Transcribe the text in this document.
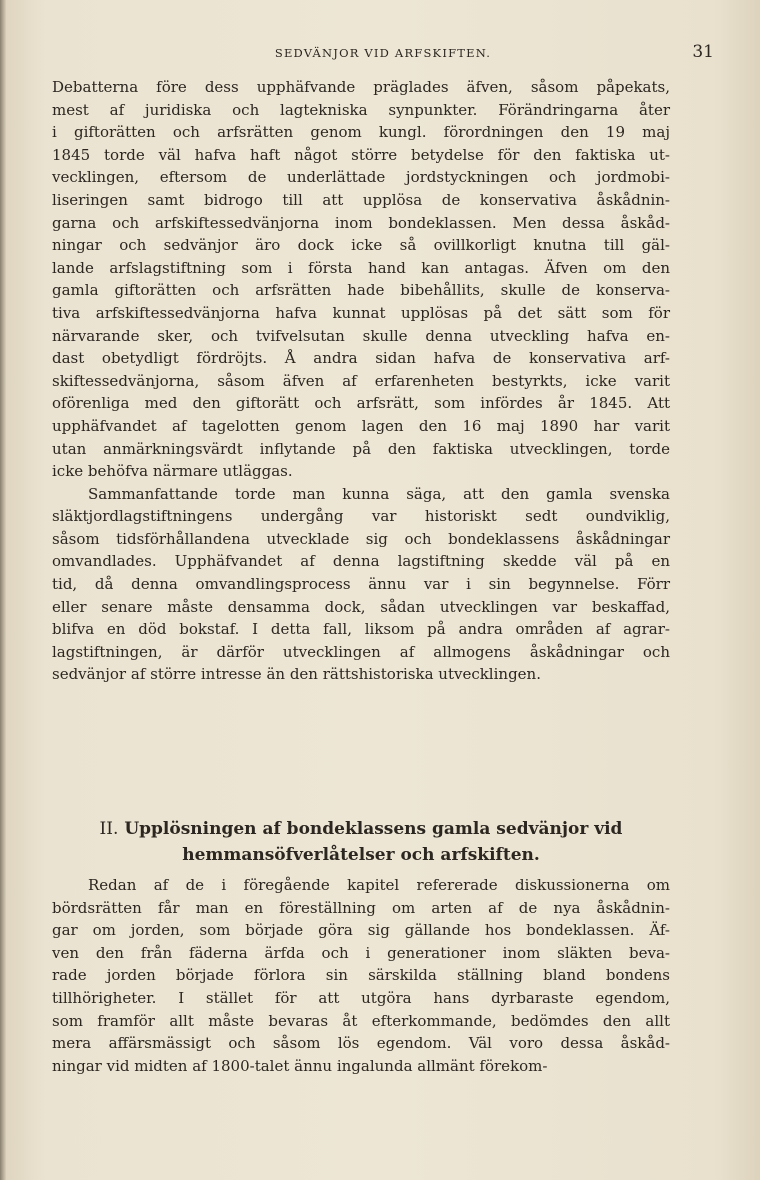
SEDVÄNJOR VID ARFSKIFTEN.	31

Debatterna före dess upphäfvande präglades äfven, såsom påpekats,
mest af juridiska och lagtekniska synpunkter. Förändringarna åter
i giftorätten och arfsrätten genom kungl. förordningen den 19 maj
1845 torde väl hafva haft något större betydelse för den faktiska ut-
vecklingen, eftersom de underlättade jordstyckningen och jordmobi-
liseringen samt bidrogo till att upplösa de konservativa åskådnin-
garna och arfskiftessedvänjorna inom bondeklassen. Men dessa åskåd-
ningar och sedvänjor äro dock icke så ovillkorligt knutna till gäl-
lande arfslagstiftning som i första hand kan antagas. Äfven om den
gamla giftorätten och arfsrätten hade bibehållits, skulle de konserva-
tiva arfskiftessedvänjorna hafva kunnat upplösas på det sätt som för
närvarande sker, och tvifvelsutan skulle denna utveckling hafva en-
dast obetydligt fördröjts. Å andra sidan hafva de konservativa arf-
skiftessedvänjorna, såsom äfven af erfarenheten bestyrkts, icke varit
oförenliga med den giftorätt och arfsrätt, som infördes år 1845. Att
upphäfvandet af tagelotten genom lagen den 16 maj 1890 har varit
utan anmärkningsvärdt inflytande på den faktiska utvecklingen, torde
icke behöfva närmare utläggas.

Sammanfattande torde man kunna säga, att den gamla svenska
släktjordlagstiftningens undergång var historiskt sedt oundviklig,
såsom tidsförhållandena utvecklade sig och bondeklassens åskådningar
omvandlades. Upphäfvandet af denna lagstiftning skedde väl på en
tid, då denna omvandlingsprocess ännu var i sin begynnelse. Förr
eller senare måste densamma dock, sådan utvecklingen var beskaffad,
blifva en död bokstaf. I detta fall, liksom på andra områden af agrar-
lagstiftningen, är därför utvecklingen af allmogens åskådningar och
sedvänjor af större intresse än den rättshistoriska utvecklingen.

II. Upplösningen af bondeklassens gamla sedvänjor vid
hemmansöfverlåtelser och arfskiften.

Redan af de i föregående kapitel refererade diskussionerna om
bördsrätten får man en föreställning om arten af de nya åskådnin-
gar om jorden, som började göra sig gällande hos bondeklassen. Äf-
ven den från fäderna ärfda och i generationer inom släkten beva-
rade jorden började förlora sin särskilda ställning bland bondens
tillhörigheter. I stället för att utgöra hans dyrbaraste egendom,
som framför allt måste bevaras åt efterkommande, bedömdes den allt
mera affärsmässigt och såsom lös egendom. Väl voro dessa åskåd-
ningar vid midten af 1800-talet ännu ingalunda allmänt förekom-
